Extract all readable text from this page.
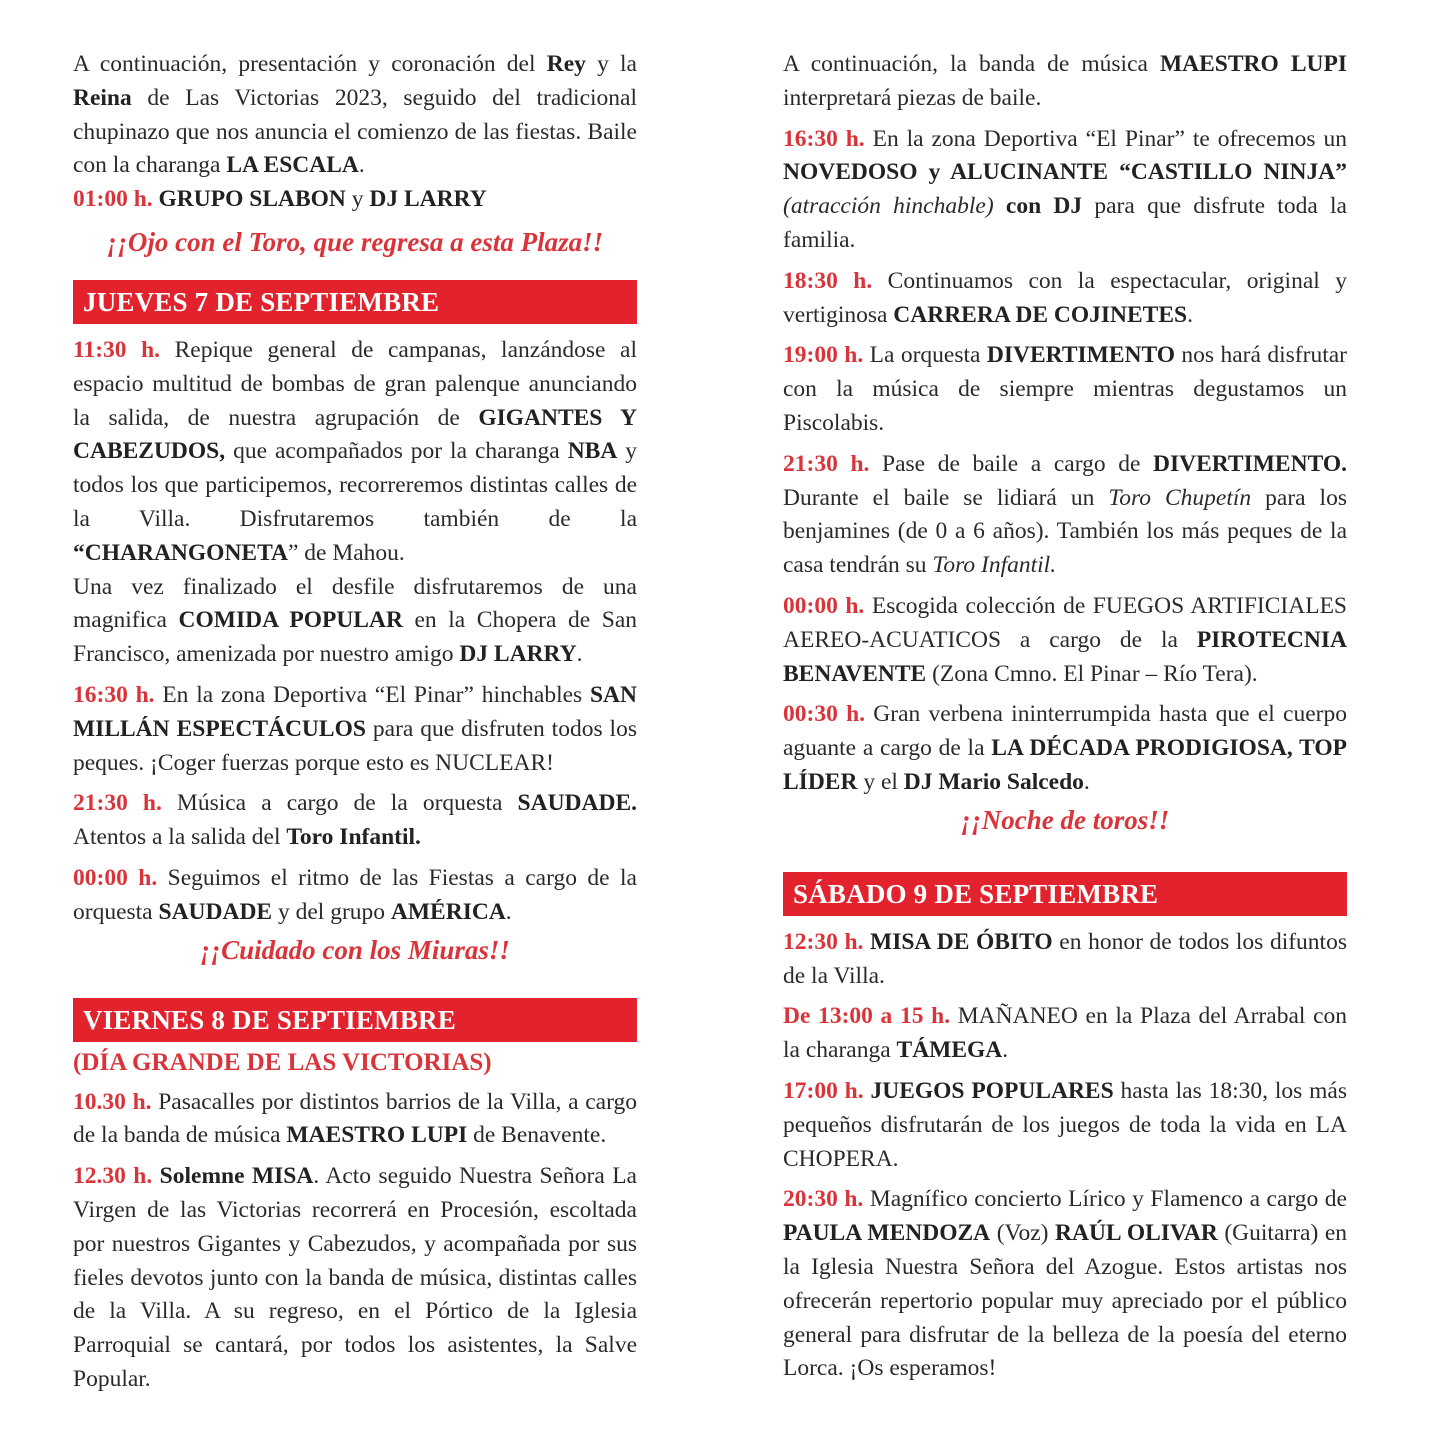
A continuación, presentación y coronación del Rey y la Reina de Las Victorias 2023, seguido del tradicional chupinazo que nos anuncia el comienzo de las fiestas. Baile con la charanga LA ESCALA.

01:00 h. GRUPO SLABON y DJ LARRY

¡¡Ojo con el Toro, que regresa a esta Plaza!!

JUEVES 7 DE SEPTIEMBRE

11:30 h. Repique general de campanas, lanzándose al espacio multitud de bombas de gran palenque anunciando la salida, de nuestra agrupación de GIGANTES Y CABEZUDOS, que acompañados por la charanga NBA y todos los que participemos, recorreremos distintas calles de la Villa. Disfrutaremos también de la “CHARANGONETA” de Mahou.
Una vez finalizado el desfile disfrutaremos de una magnifica COMIDA POPULAR en la Chopera de San Francisco, amenizada por nuestro amigo DJ LARRY.

16:30 h. En la zona Deportiva “El Pinar” hinchables SAN MILLÁN ESPECTÁCULOS para que disfruten todos los peques. ¡Coger fuerzas porque esto es NUCLEAR!

21:30 h. Música a cargo de la orquesta SAUDADE. Atentos a la salida del Toro Infantil.

00:00 h. Seguimos el ritmo de las Fiestas a cargo de la orquesta SAUDADE y del grupo AMÉRICA.

¡¡Cuidado con los Miuras!!

VIERNES 8 DE SEPTIEMBRE
(DÍA GRANDE DE LAS VICTORIAS)

10.30 h. Pasacalles por distintos barrios de la Villa, a cargo de la banda de música MAESTRO LUPI de Benavente.

12.30 h. Solemne MISA. Acto seguido Nuestra Señora La Virgen de las Victorias recorrerá en Procesión, escoltada por nuestros Gigantes y Cabezudos, y acompañada por sus fieles devotos junto con la banda de música, distintas calles de la Villa. A su regreso, en el Pórtico de la Iglesia Parroquial se cantará, por todos los asistentes, la Salve Popular.

A continuación, la banda de música MAESTRO LUPI interpretará piezas de baile.

16:30 h. En la zona Deportiva “El Pinar” te ofrecemos un NOVEDOSO y ALUCINANTE “CASTILLO NINJA” (atracción hinchable) con DJ para que disfrute toda la familia.

18:30 h. Continuamos con la espectacular, original y vertiginosa CARRERA DE COJINETES.

19:00 h. La orquesta DIVERTIMENTO nos hará disfrutar con la música de siempre mientras degustamos un Piscolabis.

21:30 h. Pase de baile a cargo de DIVERTIMENTO. Durante el baile se lidiará un Toro Chupetín para los benjamines (de 0 a 6 años). También los más peques de la casa tendrán su Toro Infantil.

00:00 h. Escogida colección de FUEGOS ARTIFICIALES AEREO-ACUATICOS a cargo de la PIROTECNIA BENAVENTE (Zona Cmno. El Pinar – Río Tera).

00:30 h. Gran verbena ininterrumpida hasta que el cuerpo aguante a cargo de la LA DÉCADA PRODIGIOSA, TOP LÍDER y el DJ Mario Salcedo.

¡¡Noche de toros!!

SÁBADO 9 DE SEPTIEMBRE

12:30 h. MISA DE ÓBITO en honor de todos los difuntos de la Villa.

De 13:00 a 15 h. MAÑANEO en la Plaza del Arrabal con la charanga TÁMEGA.

17:00 h. JUEGOS POPULARES hasta las 18:30, los más pequeños disfrutarán de los juegos de toda la vida en LA CHOPERA.

20:30 h. Magnífico concierto Lírico y Flamenco a cargo de PAULA MENDOZA (Voz) RAÚL OLIVAR (Guitarra) en la Iglesia Nuestra Señora del Azogue. Estos artistas nos ofrecerán repertorio popular muy apreciado por el público general para disfrutar de la belleza de la poesía del eterno Lorca. ¡Os esperamos!
